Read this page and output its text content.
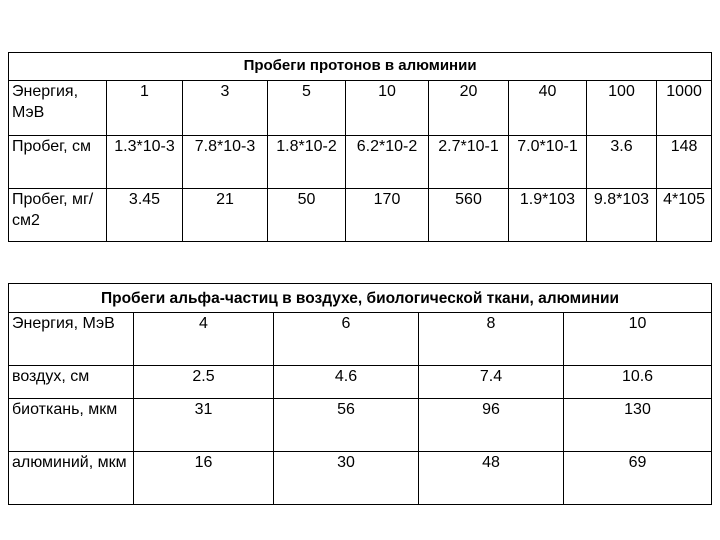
Пробеги протонов в алюминии								
Энергия, МэВ	1	3	5	10	20	40	100	1000
Пробег, см	1.3*10-3	7.8*10-3	1.8*10-2	6.2*10-2	2.7*10-1	7.0*10-1	3.6	148
Пробег, мг/см2	3.45	21	50	170	560	1.9*103	9.8*103	4*105
Пробеги альфа-частиц в воздухе, биологической ткани, алюминии				
Энергия, МэВ	4	6	8	10
воздух, см	2.5	4.6	7.4	10.6
биоткань, мкм	31	56	96	130
алюминий, мкм	16	30	48	69
